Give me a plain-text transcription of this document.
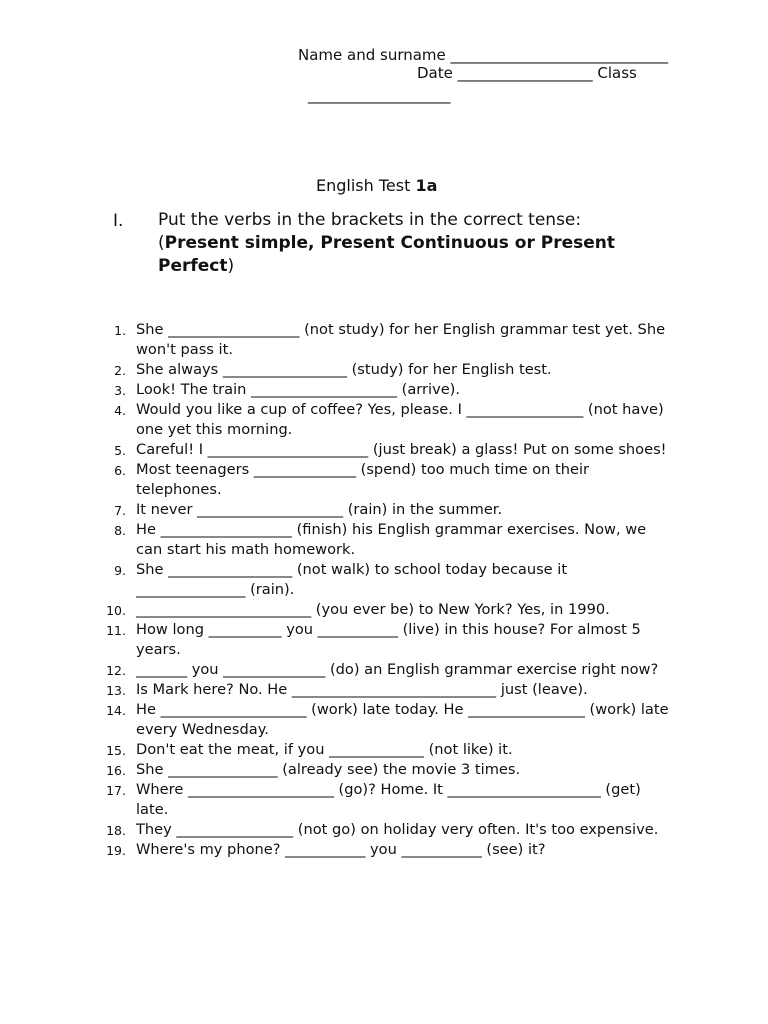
Name and surname _____________________________
Date __________________ Class
___________________
English Test 1a
I. Put the verbs in the brackets in the correct tense:
(Present simple, Present Continuous or Present Perfect)
1. She __________________ (not study) for her English grammar test yet. She won't pass it.
2. She always _________________ (study) for her English test.
3. Look! The train ____________________ (arrive).
4. Would you like a cup of coffee? Yes, please. I ________________ (not have) one yet this morning.
5. Careful! I ______________________ (just break) a glass! Put on some shoes!
6. Most teenagers ______________ (spend) too much time on their telephones.
7. It never ____________________ (rain) in the summer.
8. He __________________ (finish) his English grammar exercises. Now, we can start his math homework.
9. She _________________ (not walk) to school today because it _______________ (rain).
10. ________________________ (you ever be) to New York? Yes, in 1990.
11. How long __________ you ___________ (live) in this house? For almost 5 years.
12. _______ you ______________ (do) an English grammar exercise right now?
13. Is Mark here? No. He ____________________________ just (leave).
14. He ____________________ (work) late today. He ________________ (work) late every Wednesday.
15. Don't eat the meat, if you _____________ (not like) it.
16. She _______________ (already see) the movie 3 times.
17. Where ____________________ (go)? Home. It _____________________ (get) late.
18. They ________________ (not go) on holiday very often. It's too expensive.
19. Where's my phone? ___________ you ___________ (see) it?
